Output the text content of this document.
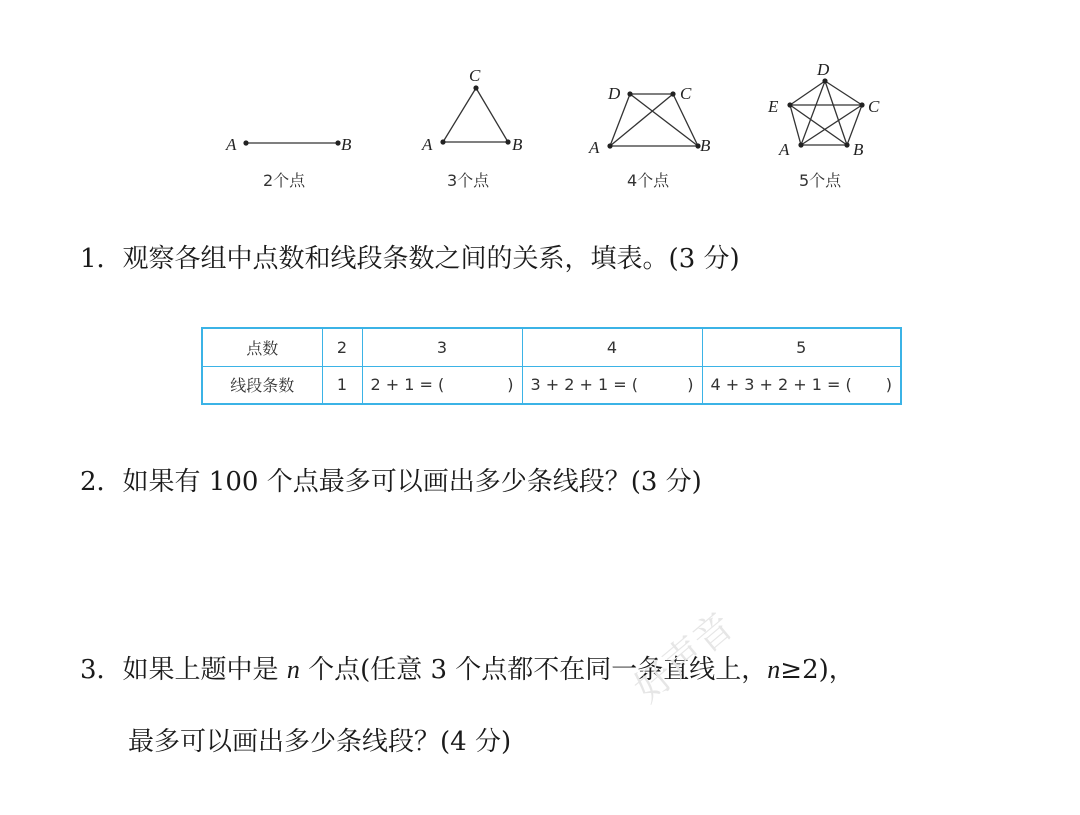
A	B
2个点
A	B
C
3个点
A	B
C
D
4个点
A	B
C
D
E
5个点
1．观察各组中点数和线段条数之间的关系，填表。(3 分)
点数	2	3	4	5
线段条数	1	2 + 1 = ( )	3 + 2 + 1 = ( )	4 + 3 + 2 + 1 = ( )
2．如果有 100 个点最多可以画出多少条线段？(3 分)
3．如果上题中是 n 个点(任意 3 个点都不在同一条直线上，n≥2)，
最多可以画出多少条线段？(4 分)
好声音
